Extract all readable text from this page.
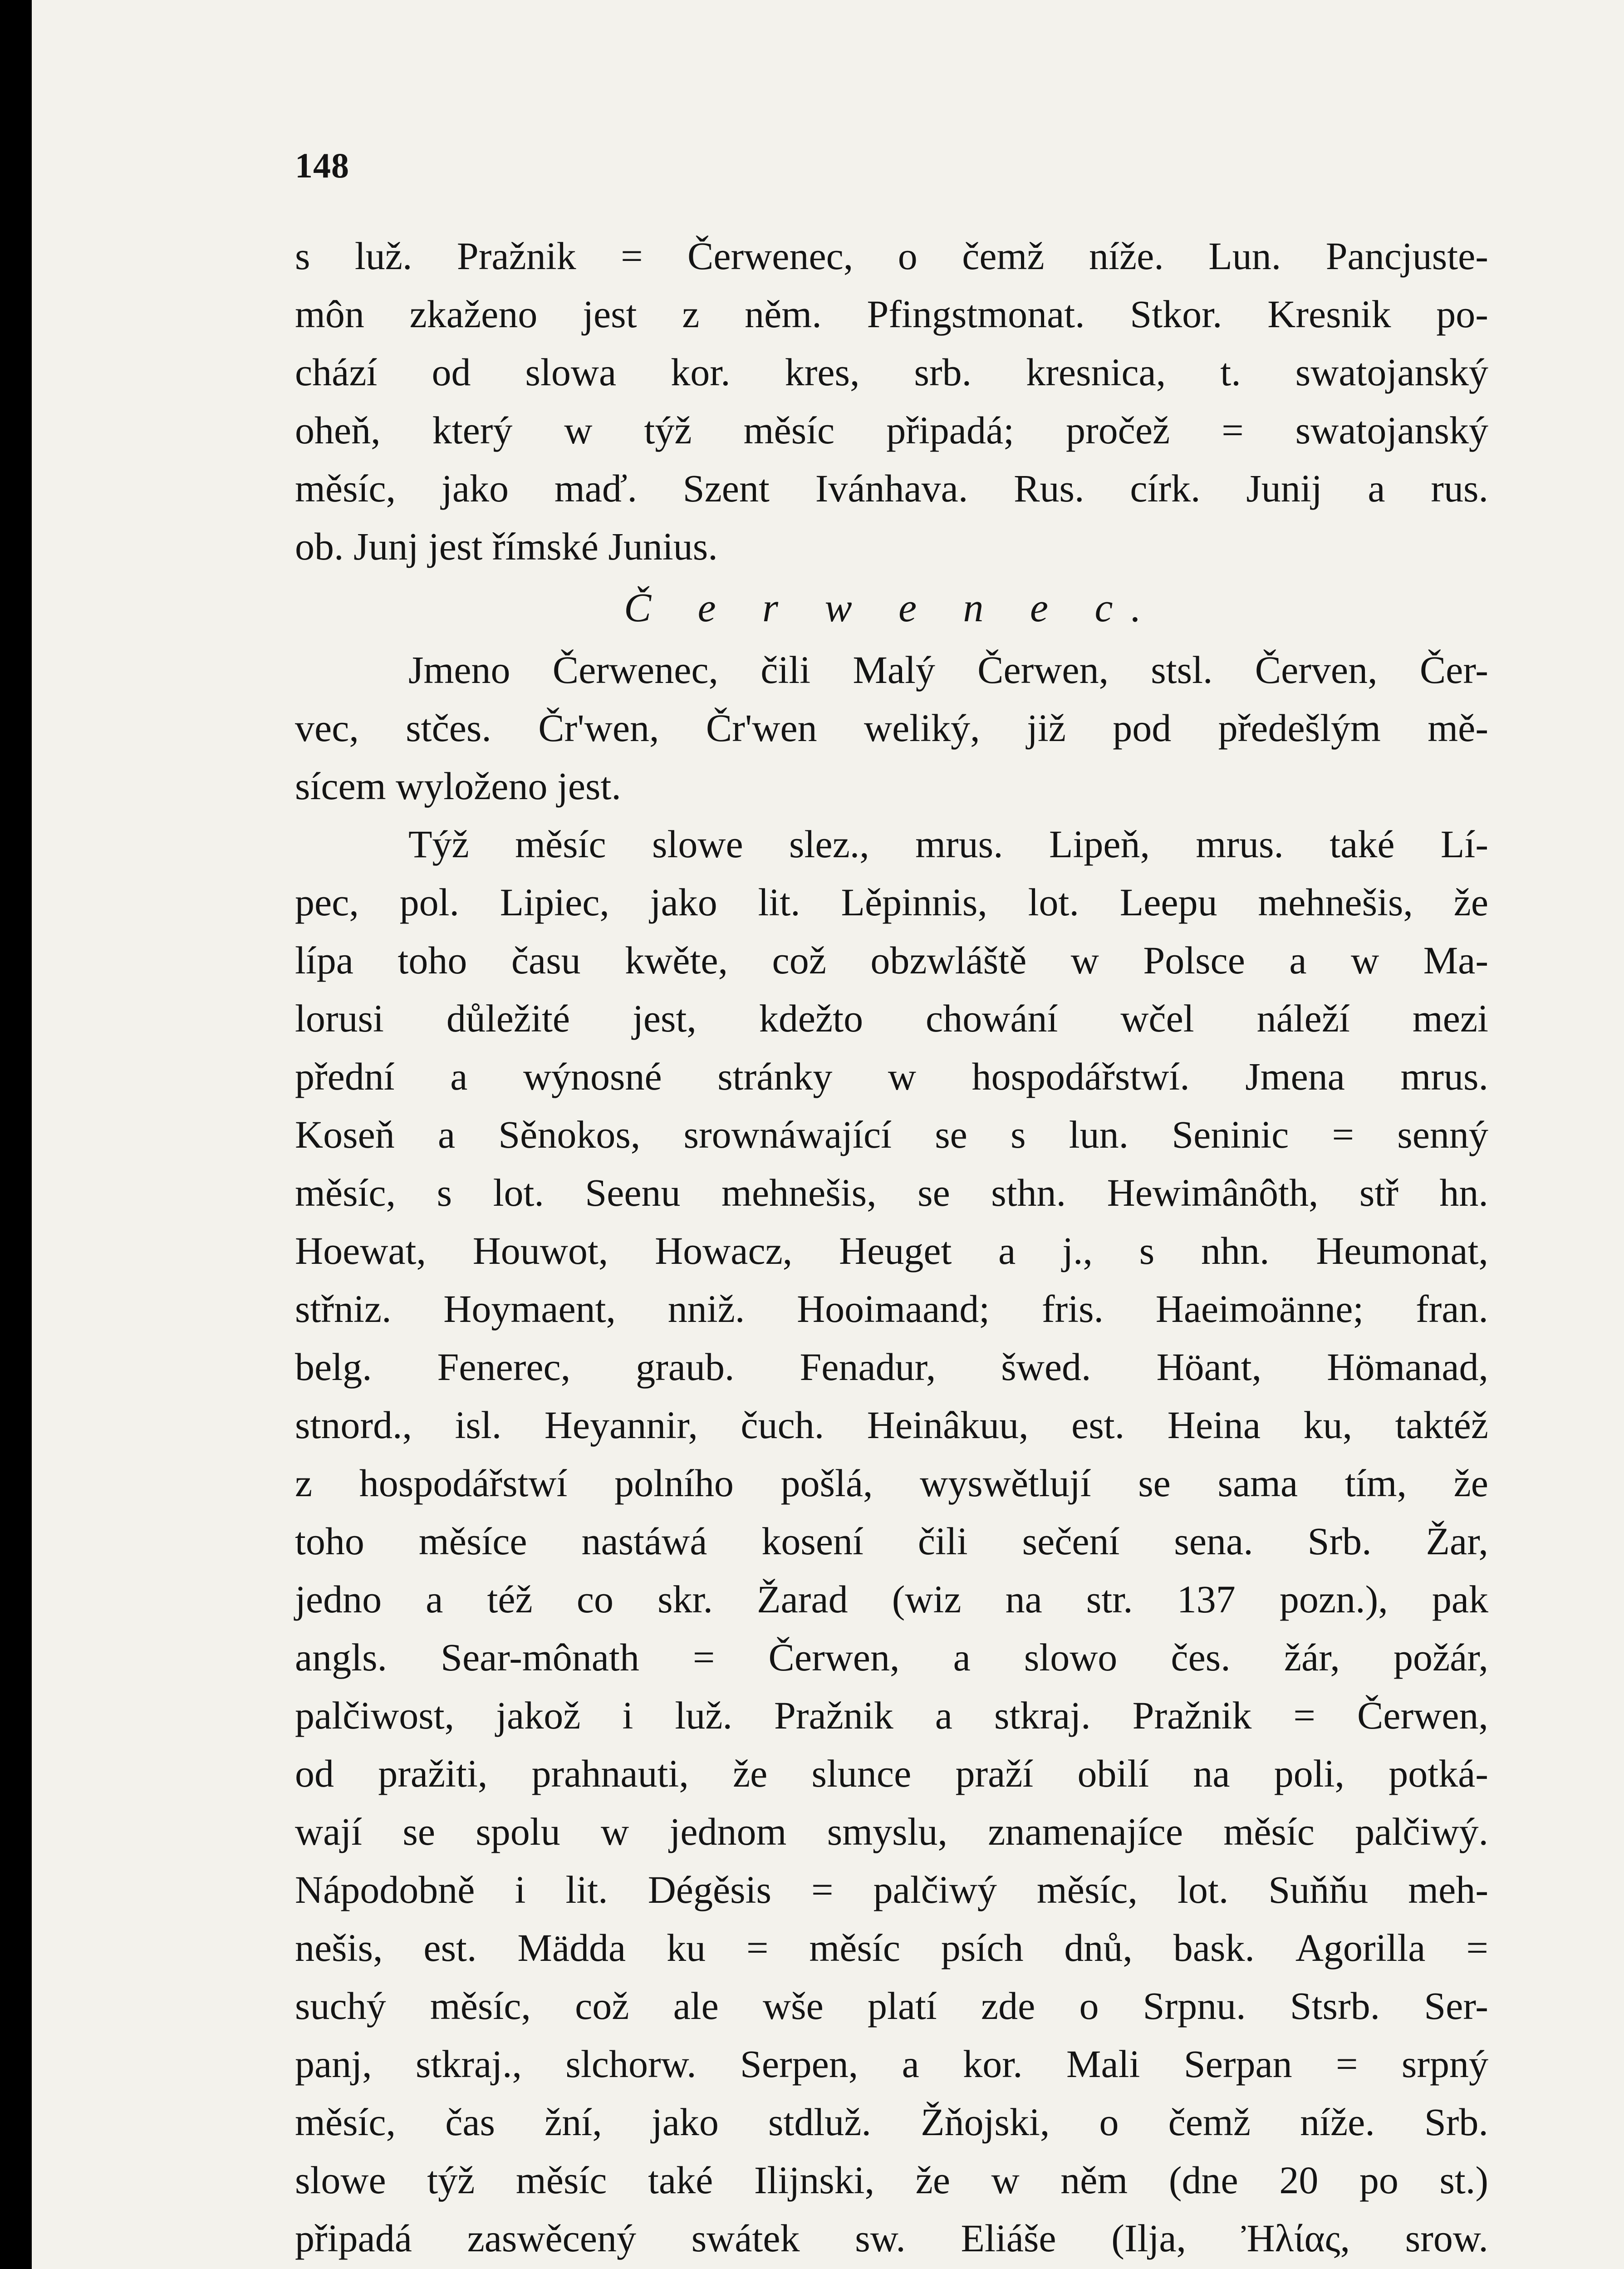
148
s luž. Pražnik = Čerwenec, o čemž níže. Lun. Pancjuste-
môn zkaženo jest z něm. Pfingstmonat. Stkor. Kresnik po-
chází od slowa kor. kres, srb. kresnica, t. swatojanský
oheň, který w týž měsíc připadá; pročež = swatojanský
měsíc, jako maď. Szent Ivánhava. Rus. círk. Junij a rus.
ob. Junj jest římské Junius.
Č e r w e n e c.
Jmeno Čerwenec, čili Malý Čerwen, stsl. Červen, Čer-
vec, stčes. Čr'wen, Čr'wen weliký, již pod předešlým mě-
sícem wyloženo jest.
Týž měsíc slowe slez., mrus. Lipeň, mrus. také Lí-
pec, pol. Lipiec, jako lit. Lěpinnis, lot. Leepu mehnešis, že
lípa toho času kwěte, což obzwláště w Polsce a w Ma-
lorusi důležité jest, kdežto chowání wčel náleží mezi
přední a wýnosné stránky w hospodářstwí. Jmena mrus.
Koseň a Sěnokos, srownáwající se s lun. Seninic = senný
měsíc, s lot. Seenu mehnešis, se sthn. Hewimânôth, stř hn.
Hoewat, Houwot, Howacz, Heuget a j., s nhn. Heumonat,
střniz. Hoymaent, nniž. Hooimaand; fris. Haeimoänne; fran.
belg. Fenerec, graub. Fenadur, šwed. Höant, Hömanad,
stnord., isl. Heyannir, čuch. Heinâkuu, est. Heina ku, taktéž
z hospodářstwí polního pošlá, wyswětlují se sama tím, že
toho měsíce nastáwá kosení čili sečení sena. Srb. Žar,
jedno a též co skr. Žarad (wiz na str. 137 pozn.), pak
angls. Sear-mônath = Čerwen, a slowo čes. žár, požár,
palčiwost, jakož i luž. Pražnik a stkraj. Pražnik = Čerwen,
od pražiti, prahnauti, že slunce praží obilí na poli, potká-
wají se spolu w jednom smyslu, znamenajíce měsíc palčiwý.
Nápodobně i lit. Dégěsis = palčiwý měsíc, lot. Suňňu meh-
nešis, est. Mädda ku = měsíc psích dnů, bask. Agorilla =
suchý měsíc, což ale wše platí zde o Srpnu. Stsrb. Ser-
panj, stkraj., slchorw. Serpen, a kor. Mali Serpan = srpný
měsíc, čas žní, jako stdluž. Žňojski, o čemž níže. Srb.
slowe týž měsíc také Ilijnski, že w něm (dne 20 po st.)
připadá zaswěcený swátek sw. Eliáše (Ilja, Ἠλίας, srow.
